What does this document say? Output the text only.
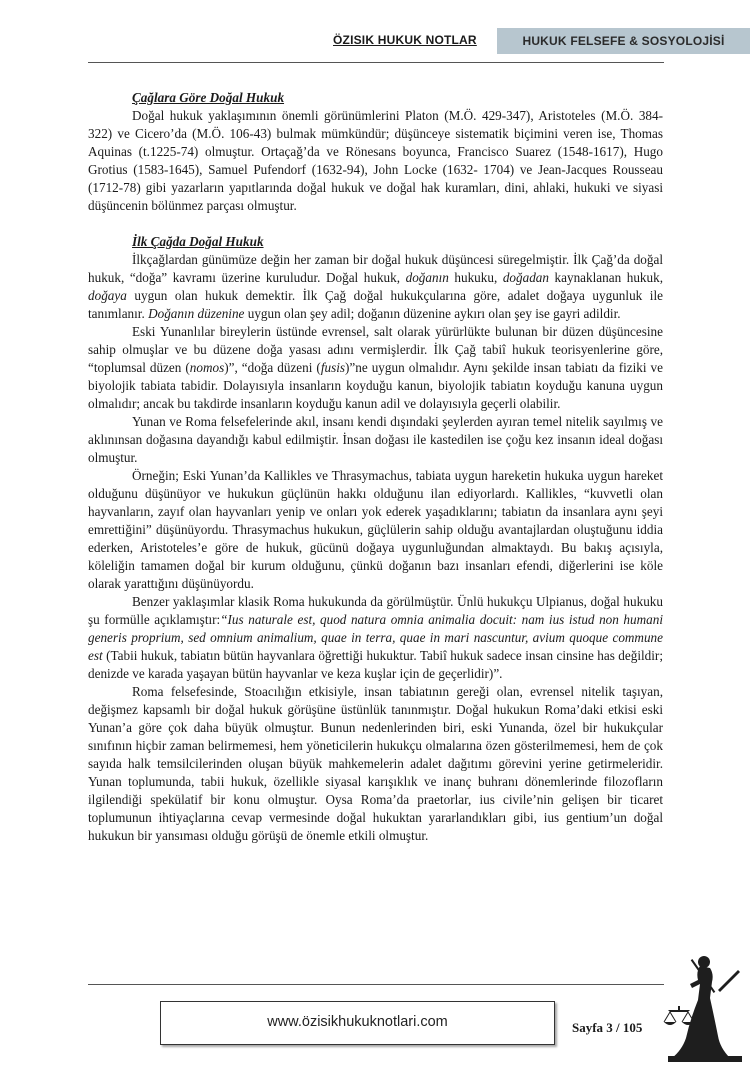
ÖZISIK HUKUK NOTLAR	HUKUK FELSEFE & SOSYOLOJİSİ
Çağlara Göre Doğal Hukuk

Doğal hukuk yaklaşımının önemli görünümlerini Platon (M.Ö. 429-347), Aristoteles (M.Ö. 384-322) ve Cicero’da (M.Ö. 106-43) bulmak mümkündür; düşünceye sistematik biçimini veren ise, Thomas Aquinas (t.1225-74) olmuştur. Ortaçağ’da ve Rönesans boyunca, Francisco Suarez (1548-1617), Hugo Grotius (1583-1645), Samuel Pufendorf (1632-94), John Locke (1632- 1704) ve Jean-Jacques Rousseau (1712-78) gibi yazarların yapıtlarında doğal hukuk ve doğal hak kuramları, dini, ahlaki, hukuki ve siyasi düşüncenin bölünmez parçası olmuştur.

İlk Çağda Doğal Hukuk

İlkçağlardan günümüze değin her zaman bir doğal hukuk düşüncesi süregelmiştir. İlk Çağ’da doğal hukuk, “doğa” kavramı üzerine kuruludur. Doğal hukuk, doğanın hukuku, doğadan kaynaklanan hukuk, doğaya uygun olan hukuk demektir. İlk Çağ doğal hukukçularına göre, adalet doğaya uygunluk ile tanımlanır. Doğanın düzenine uygun olan şey adil; doğanın düzenine aykırı olan şey ise gayri adildir.

Eski Yunanlılar bireylerin üstünde evrensel, salt olarak yürürlükte bulunan bir düzen düşüncesine sahip olmuşlar ve bu düzene doğa yasası adını vermişlerdir. İlk Çağ tabiî hukuk teorisyenlerine göre, “toplumsal düzen (nomos)”, “doğa düzeni (fusis)”ne uygun olmalıdır. Aynı şekilde insan tabiatı da fiziki ve biyolojik tabiata tabidir. Dolayısıyla insanların koyduğu kanun, biyolojik tabiatın koyduğu kanuna uygun olmalıdır; ancak bu takdirde insanların koyduğu kanun adil ve dolayısıyla geçerli olabilir.

Yunan ve Roma felsefelerinde akıl, insanı kendi dışındaki şeylerden ayıran temel nitelik sayılmış ve aklınınsan doğasına dayandığı kabul edilmiştir. İnsan doğası ile kastedilen ise çoğu kez insanın ideal doğası olmuştur.

Örneğin; Eski Yunan’da Kallikles ve Thrasymachus, tabiata uygun hareketin hukuka uygun hareket olduğunu düşünüyor ve hukukun güçlünün hakkı olduğunu ilan ediyorlardı. Kallikles, “kuvvetli olan hayvanların, zayıf olan hayvanları yenip ve onları yok ederek yaşadıklarını; tabiatın da insanlara aynı şeyi emrettiğini” düşünüyordu. Thrasymachus hukukun, güçlülerin sahip olduğu avantajlardan oluştuğunu iddia ederken, Aristoteles’e göre de hukuk, gücünü doğaya uygunluğundan almaktaydı. Bu bakış açısıyla, köleliğin tamamen doğal bir kurum olduğunu, çünkü doğanın bazı insanları efendi, diğerlerini ise köle olarak yarattığını düşünüyordu.

Benzer yaklaşımlar klasik Roma hukukunda da görülmüştür. Ünlü hukukçu Ulpianus, doğal hukuku şu formülle açıklamıştır:“Ius naturale est, quod natura omnia animalia docuit: nam ius istud non humani generis proprium, sed omnium animalium, quae in terra, quae in mari nascuntur, avium quoque commune est (Tabii hukuk, tabiatın bütün hayvanlara öğrettiği hukuktur. Tabiî hukuk sadece insan cinsine has değildir; denizde ve karada yaşayan bütün hayvanlar ve keza kuşlar için de geçerlidir)”.

Roma felsefesinde, Stoacılığın etkisiyle, insan tabiatının gereği olan, evrensel nitelik taşıyan, değişmez kapsamlı bir doğal hukuk görüşüne üstünlük tanınmıştır. Doğal hukukun Roma’daki etkisi eski Yunan’a göre çok daha büyük olmuştur. Bunun nedenlerinden biri, eski Yunanda, özel bir hukukçular sınıfının hiçbir zaman belirmemesi, hem yöneticilerin hukukçu olmalarına özen gösterilmemesi, hem de çok sayıda halk temsilcilerinden oluşan büyük mahkemelerin adalet dağıtımı görevini yerine getirmeleridir. Yunan toplumunda, tabii hukuk, özellikle siyasal karışıklık ve inanç buhranı dönemlerinde filozofların ilgilendiği spekülatif bir konu olmuştur. Oysa Roma’da praetorlar, ius civile’nin gelişen bir ticaret toplumunun ihtiyaçlarına cevap vermesinde doğal hukuktan yararlandıkları gibi, ius gentium’un doğal hukukun bir yansıması olduğu görüşü de önemle etkili olmuştur.

www.özisikhukuknotlari.com	Sayfa 3 / 105
